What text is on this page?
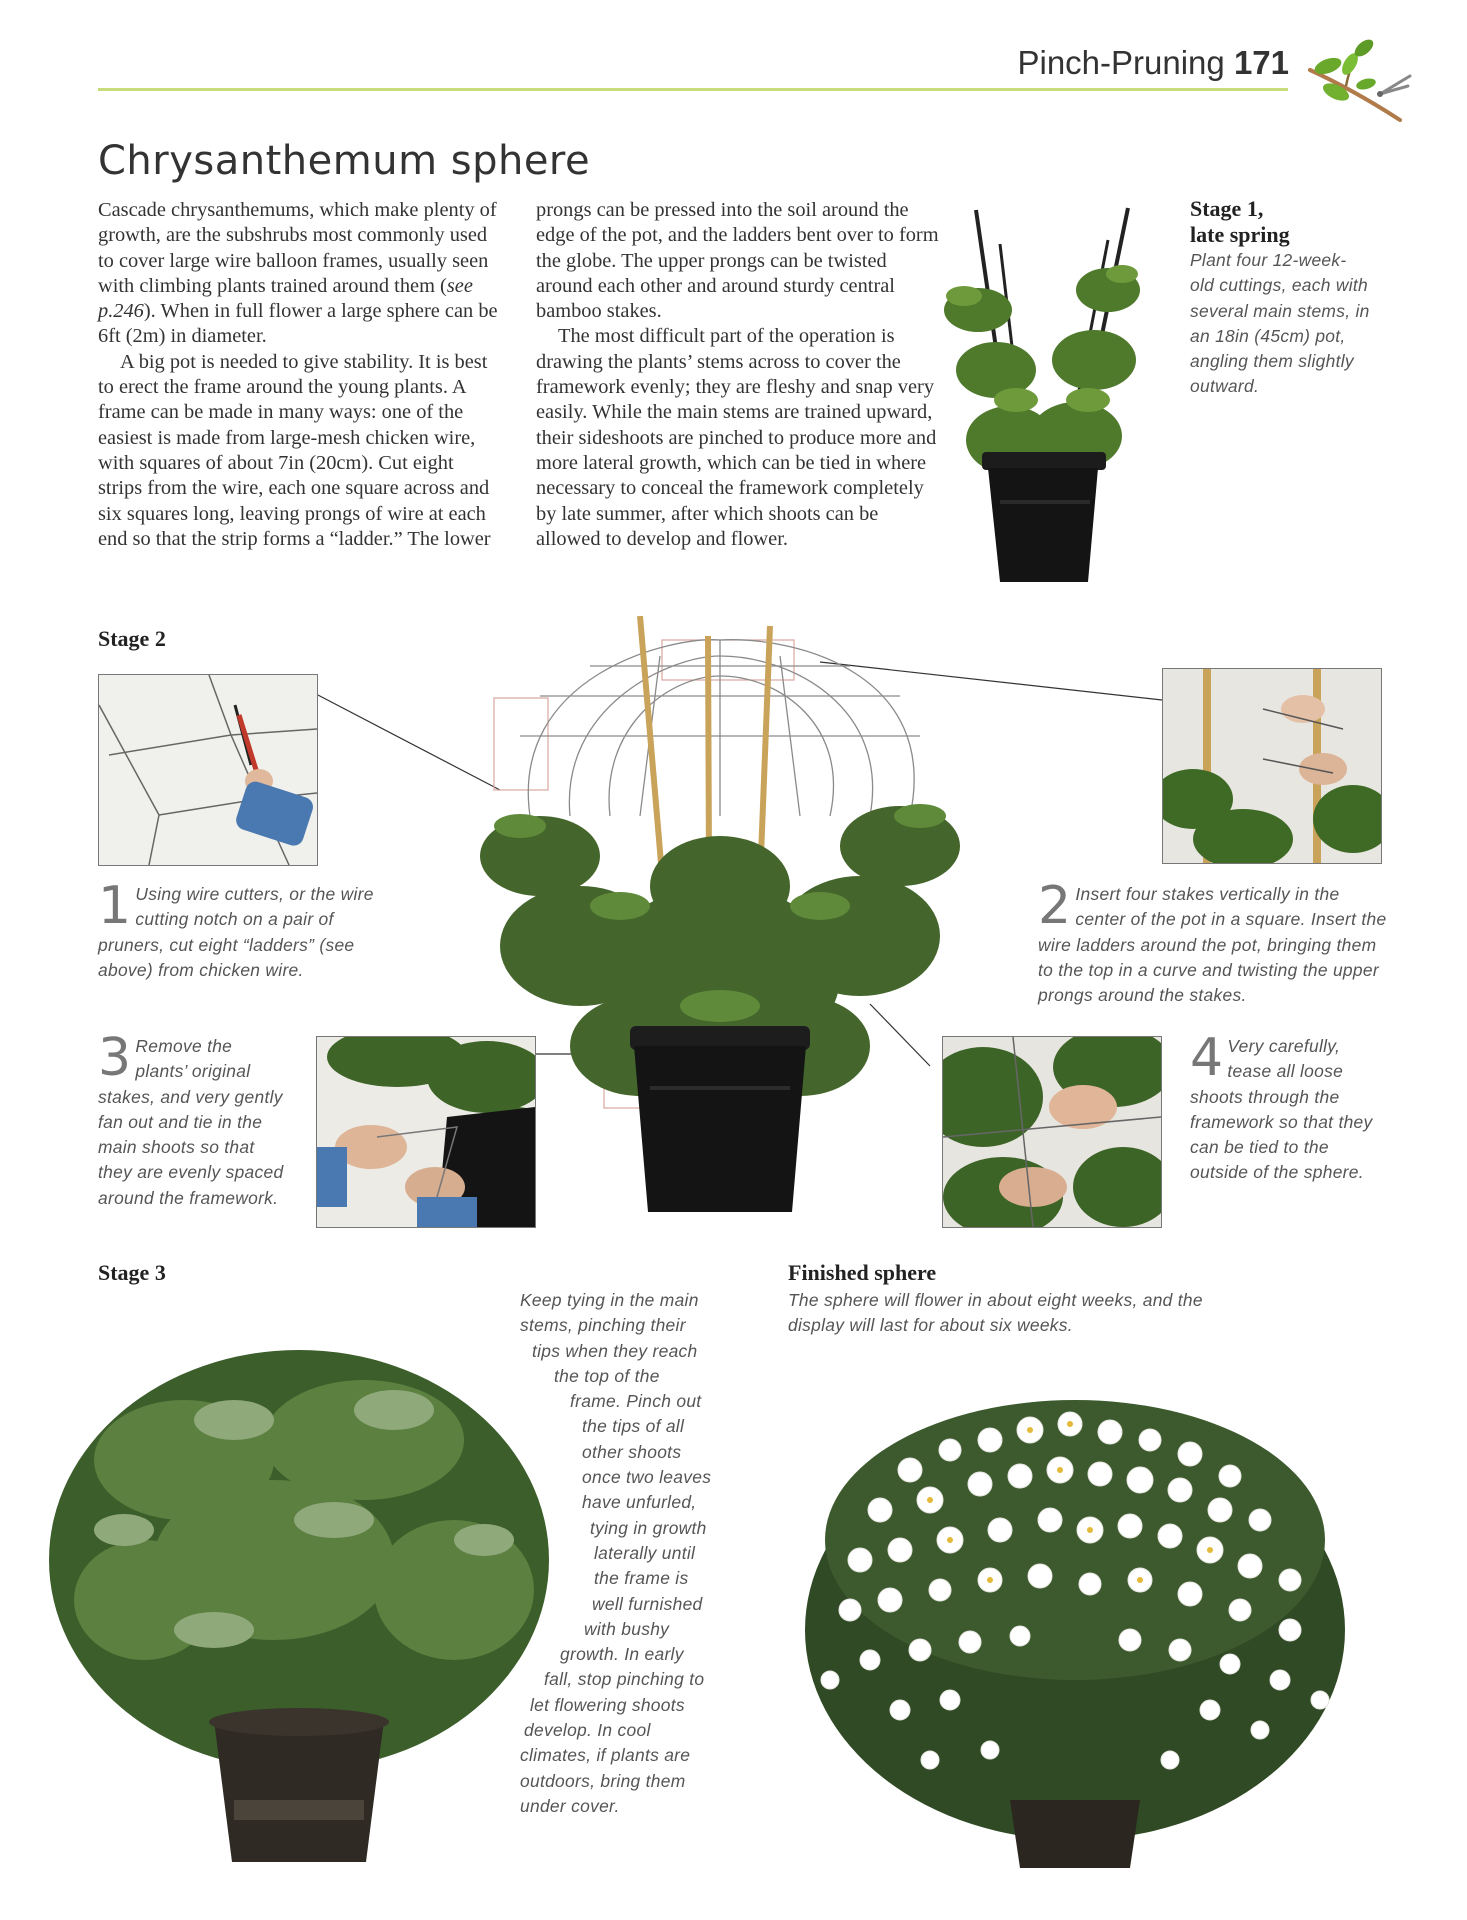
Pinch-Pruning 171
Chrysanthemum sphere

Cascade chrysanthemums, which make plenty of growth, are the subshrubs most commonly used to cover large wire balloon frames, usually seen with climbing plants trained around them (see p.246). When in full flower a large sphere can be 6ft (2m) in diameter.

A big pot is needed to give stability. It is best to erect the frame around the young plants. A frame can be made in many ways: one of the easiest is made from large-mesh chicken wire, with squares of about 7in (20cm). Cut eight strips from the wire, each one square across and six squares long, leaving prongs of wire at each end so that the strip forms a “ladder.” The lower

prongs can be pressed into the soil around the edge of the pot, and the ladders bent over to form the globe. The upper prongs can be twisted around each other and around sturdy central bamboo stakes.

The most difficult part of the operation is drawing the plants’ stems across to cover the framework evenly; they are fleshy and snap very easily. While the main stems are trained upward, their sideshoots are pinched to produce more and more lateral growth, which can be tied in where necessary to conceal the framework completely by late summer, after which shoots can be allowed to develop and flower.

Stage 1,
late spring
Plant four 12-week-old cuttings, each with several main stems, in an 18in (45cm) pot, angling them slightly outward.
Stage 2
1 Using wire cutters, or the wire cutting notch on a pair of pruners, cut eight “ladders” (see above) from chicken wire.
2 Insert four stakes vertically in the center of the pot in a square. Insert the wire ladders around the pot, bringing them to the top in a curve and twisting the upper prongs around the stakes.
3 Remove the plants’ original stakes, and very gently fan out and tie in the main shoots so that they are evenly spaced around the framework.
4 Very carefully, tease all loose shoots through the framework so that they can be tied to the outside of the sphere.
Stage 3
Keep tying in the main
stems, pinching their
tips when they reach
the top of the
frame. Pinch out
the tips of all
other shoots
once two leaves
have unfurled,
tying in growth
laterally until
the frame is
well furnished
with bushy
growth. In early
fall, stop pinching to
let flowering shoots
develop. In cool
climates, if plants are
outdoors, bring them
under cover.
Finished sphere
The sphere will flower in about eight weeks, and the display will last for about six weeks.
